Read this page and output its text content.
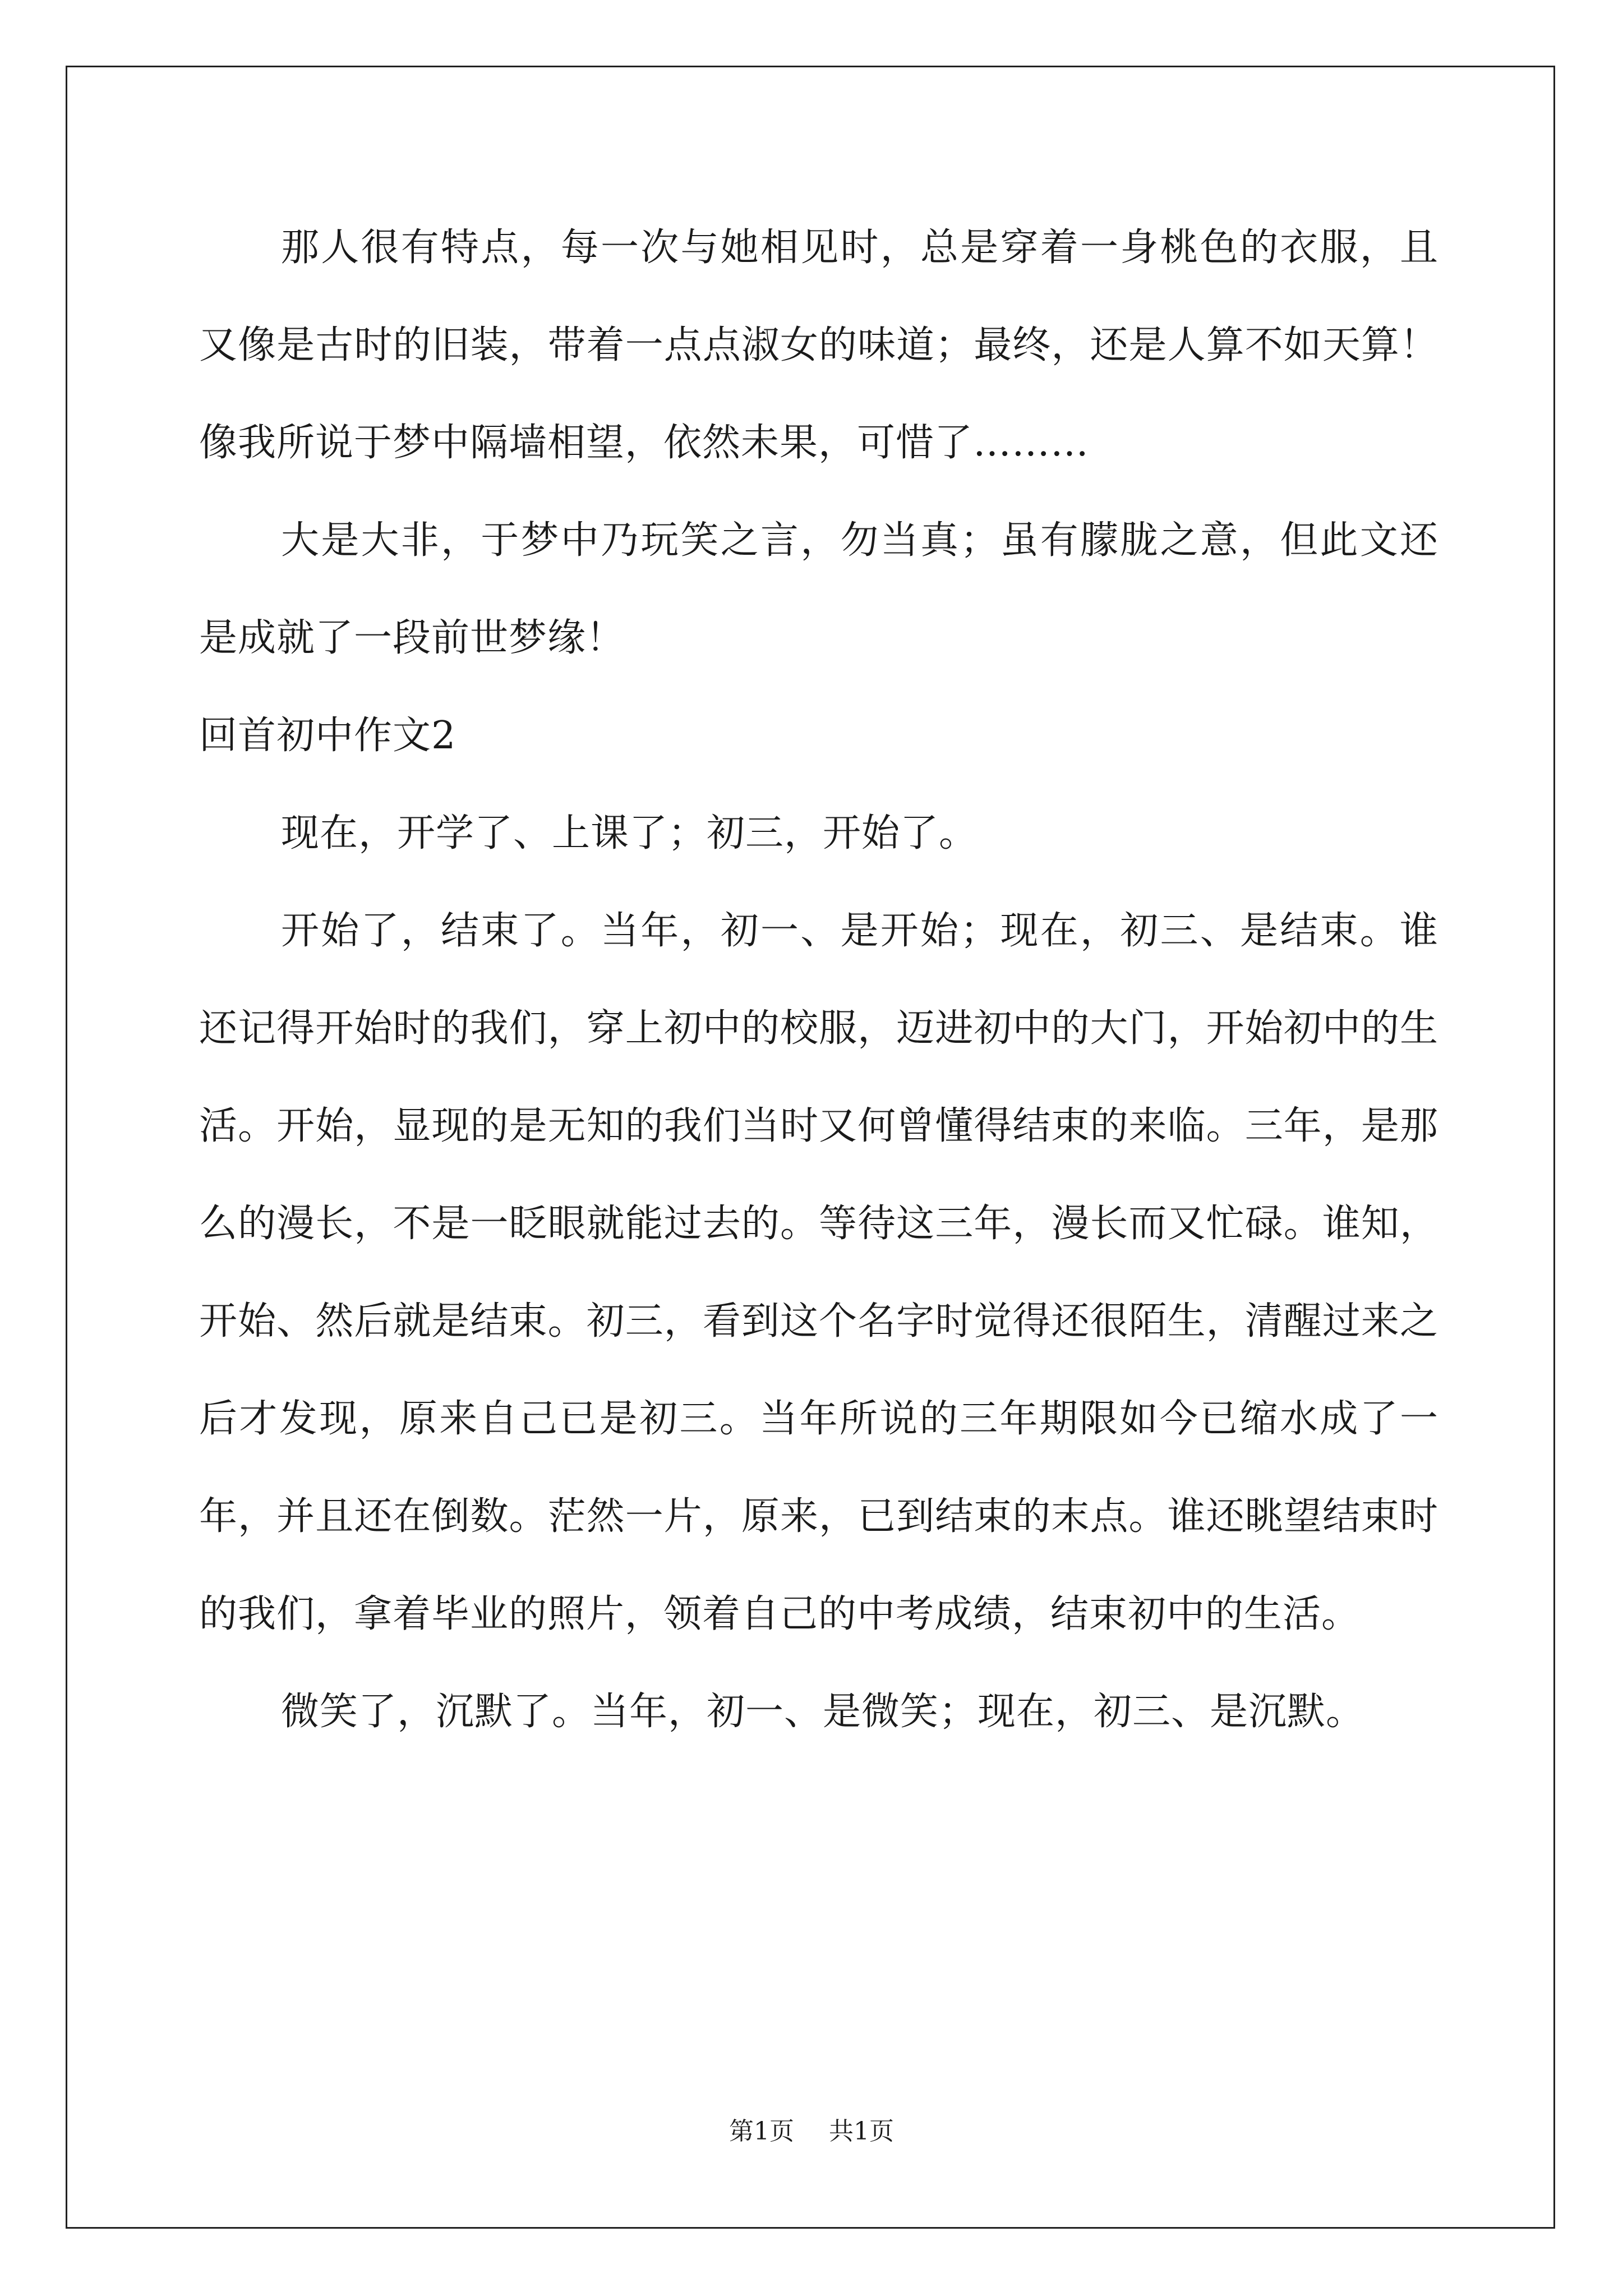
那人很有特点，每一次与她相见时，总是穿着一身桃色的衣服，且又像是古时的旧装，带着一点点淑女的味道；最终，还是人算不如天算！像我所说于梦中隔墙相望，依然未果，可惜了………

大是大非，于梦中乃玩笑之言，勿当真；虽有朦胧之意，但此文还是成就了一段前世梦缘！

回首初中作文2

现在，开学了、上课了；初三，开始了。

开始了，结束了。当年，初一、是开始；现在，初三、是结束。谁还记得开始时的我们，穿上初中的校服，迈进初中的大门，开始初中的生活。开始，显现的是无知的我们当时又何曾懂得结束的来临。三年，是那么的漫长，不是一眨眼就能过去的。等待这三年，漫长而又忙碌。谁知，开始、然后就是结束。初三，看到这个名字时觉得还很陌生，清醒过来之后才发现，原来自己已是初三。当年所说的三年期限如今已缩水成了一年，并且还在倒数。茫然一片，原来，已到结束的末点。谁还眺望结束时的我们，拿着毕业的照片，领着自己的中考成绩，结束初中的生活。

微笑了，沉默了。当年，初一、是微笑；现在，初三、是沉默。

第1页 共1页
